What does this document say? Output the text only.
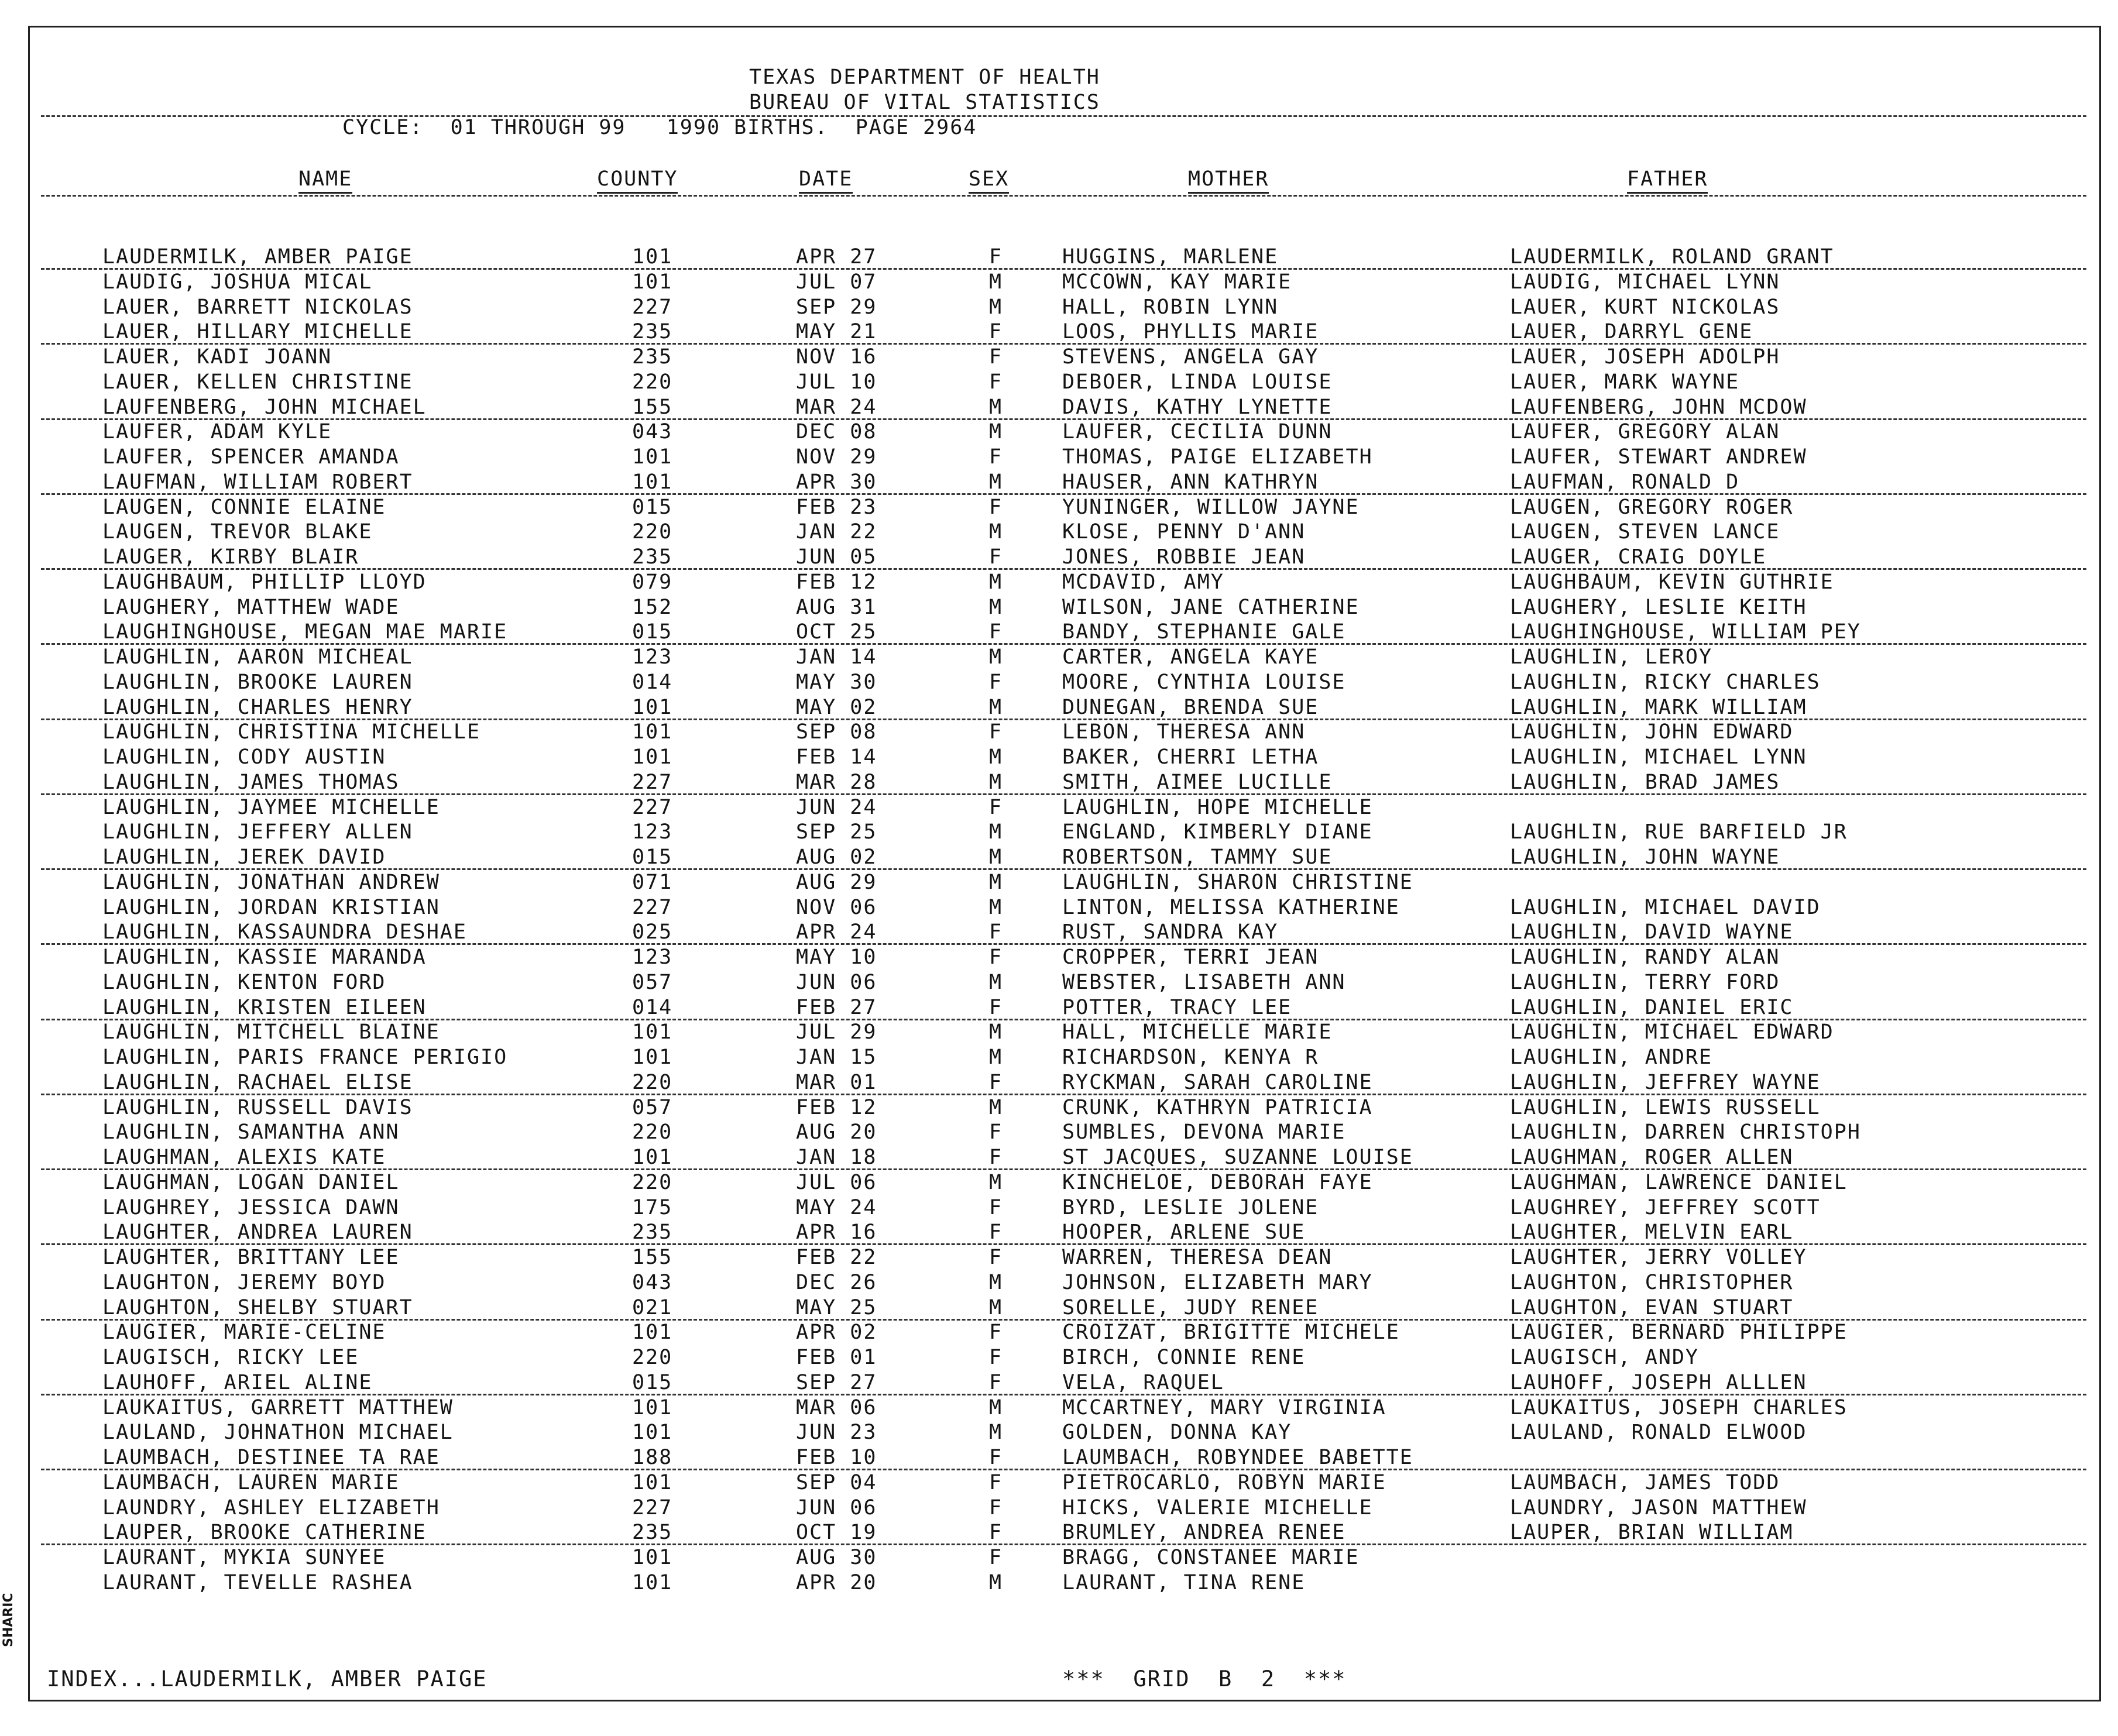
TEXAS DEPARTMENT OF HEALTH
BUREAU OF VITAL STATISTICS
CYCLE:  01 THROUGH 99   1990 BIRTHS.  PAGE 2964
NAME	COUNTY	DATE	SEX	MOTHER	FATHER
LAUDERMILK, AMBER PAIGE	101	APR 27	F	HUGGINS, MARLENE	LAUDERMILK, ROLAND GRANT
LAUDIG, JOSHUA MICAL	101	JUL 07	M	MCCOWN, KAY MARIE	LAUDIG, MICHAEL LYNN
LAUER, BARRETT NICKOLAS	227	SEP 29	M	HALL, ROBIN LYNN	LAUER, KURT NICKOLAS
LAUER, HILLARY MICHELLE	235	MAY 21	F	LOOS, PHYLLIS MARIE	LAUER, DARRYL GENE
LAUER, KADI JOANN	235	NOV 16	F	STEVENS, ANGELA GAY	LAUER, JOSEPH ADOLPH
LAUER, KELLEN CHRISTINE	220	JUL 10	F	DEBOER, LINDA LOUISE	LAUER, MARK WAYNE
LAUFENBERG, JOHN MICHAEL	155	MAR 24	M	DAVIS, KATHY LYNETTE	LAUFENBERG, JOHN MCDOW
LAUFER, ADAM KYLE	043	DEC 08	M	LAUFER, CECILIA DUNN	LAUFER, GREGORY ALAN
LAUFER, SPENCER AMANDA	101	NOV 29	F	THOMAS, PAIGE ELIZABETH	LAUFER, STEWART ANDREW
LAUFMAN, WILLIAM ROBERT	101	APR 30	M	HAUSER, ANN KATHRYN	LAUFMAN, RONALD D
LAUGEN, CONNIE ELAINE	015	FEB 23	F	YUNINGER, WILLOW JAYNE	LAUGEN, GREGORY ROGER
LAUGEN, TREVOR BLAKE	220	JAN 22	M	KLOSE, PENNY D'ANN	LAUGEN, STEVEN LANCE
LAUGER, KIRBY BLAIR	235	JUN 05	F	JONES, ROBBIE JEAN	LAUGER, CRAIG DOYLE
LAUGHBAUM, PHILLIP LLOYD	079	FEB 12	M	MCDAVID, AMY	LAUGHBAUM, KEVIN GUTHRIE
LAUGHERY, MATTHEW WADE	152	AUG 31	M	WILSON, JANE CATHERINE	LAUGHERY, LESLIE KEITH
LAUGHINGHOUSE, MEGAN MAE MARIE	015	OCT 25	F	BANDY, STEPHANIE GALE	LAUGHINGHOUSE, WILLIAM PEY
LAUGHLIN, AARON MICHEAL	123	JAN 14	M	CARTER, ANGELA KAYE	LAUGHLIN, LEROY
LAUGHLIN, BROOKE LAUREN	014	MAY 30	F	MOORE, CYNTHIA LOUISE	LAUGHLIN, RICKY CHARLES
LAUGHLIN, CHARLES HENRY	101	MAY 02	M	DUNEGAN, BRENDA SUE	LAUGHLIN, MARK WILLIAM
LAUGHLIN, CHRISTINA MICHELLE	101	SEP 08	F	LEBON, THERESA ANN	LAUGHLIN, JOHN EDWARD
LAUGHLIN, CODY AUSTIN	101	FEB 14	M	BAKER, CHERRI LETHA	LAUGHLIN, MICHAEL LYNN
LAUGHLIN, JAMES THOMAS	227	MAR 28	M	SMITH, AIMEE LUCILLE	LAUGHLIN, BRAD JAMES
LAUGHLIN, JAYMEE MICHELLE	227	JUN 24	F	LAUGHLIN, HOPE MICHELLE
LAUGHLIN, JEFFERY ALLEN	123	SEP 25	M	ENGLAND, KIMBERLY DIANE	LAUGHLIN, RUE BARFIELD JR
LAUGHLIN, JEREK DAVID	015	AUG 02	M	ROBERTSON, TAMMY SUE	LAUGHLIN, JOHN WAYNE
LAUGHLIN, JONATHAN ANDREW	071	AUG 29	M	LAUGHLIN, SHARON CHRISTINE
LAUGHLIN, JORDAN KRISTIAN	227	NOV 06	M	LINTON, MELISSA KATHERINE	LAUGHLIN, MICHAEL DAVID
LAUGHLIN, KASSAUNDRA DESHAE	025	APR 24	F	RUST, SANDRA KAY	LAUGHLIN, DAVID WAYNE
LAUGHLIN, KASSIE MARANDA	123	MAY 10	F	CROPPER, TERRI JEAN	LAUGHLIN, RANDY ALAN
LAUGHLIN, KENTON FORD	057	JUN 06	M	WEBSTER, LISABETH ANN	LAUGHLIN, TERRY FORD
LAUGHLIN, KRISTEN EILEEN	014	FEB 27	F	POTTER, TRACY LEE	LAUGHLIN, DANIEL ERIC
LAUGHLIN, MITCHELL BLAINE	101	JUL 29	M	HALL, MICHELLE MARIE	LAUGHLIN, MICHAEL EDWARD
LAUGHLIN, PARIS FRANCE PERIGIO	101	JAN 15	M	RICHARDSON, KENYA R	LAUGHLIN, ANDRE
LAUGHLIN, RACHAEL ELISE	220	MAR 01	F	RYCKMAN, SARAH CAROLINE	LAUGHLIN, JEFFREY WAYNE
LAUGHLIN, RUSSELL DAVIS	057	FEB 12	M	CRUNK, KATHRYN PATRICIA	LAUGHLIN, LEWIS RUSSELL
LAUGHLIN, SAMANTHA ANN	220	AUG 20	F	SUMBLES, DEVONA MARIE	LAUGHLIN, DARREN CHRISTOPH
LAUGHMAN, ALEXIS KATE	101	JAN 18	F	ST JACQUES, SUZANNE LOUISE	LAUGHMAN, ROGER ALLEN
LAUGHMAN, LOGAN DANIEL	220	JUL 06	M	KINCHELOE, DEBORAH FAYE	LAUGHMAN, LAWRENCE DANIEL
LAUGHREY, JESSICA DAWN	175	MAY 24	F	BYRD, LESLIE JOLENE	LAUGHREY, JEFFREY SCOTT
LAUGHTER, ANDREA LAUREN	235	APR 16	F	HOOPER, ARLENE SUE	LAUGHTER, MELVIN EARL
LAUGHTER, BRITTANY LEE	155	FEB 22	F	WARREN, THERESA DEAN	LAUGHTER, JERRY VOLLEY
LAUGHTON, JEREMY BOYD	043	DEC 26	M	JOHNSON, ELIZABETH MARY	LAUGHTON, CHRISTOPHER
LAUGHTON, SHELBY STUART	021	MAY 25	M	SORELLE, JUDY RENEE	LAUGHTON, EVAN STUART
LAUGIER, MARIE-CELINE	101	APR 02	F	CROIZAT, BRIGITTE MICHELE	LAUGIER, BERNARD PHILIPPE
LAUGISCH, RICKY LEE	220	FEB 01	F	BIRCH, CONNIE RENE	LAUGISCH, ANDY
LAUHOFF, ARIEL ALINE	015	SEP 27	F	VELA, RAQUEL	LAUHOFF, JOSEPH ALLLEN
LAUKAITUS, GARRETT MATTHEW	101	MAR 06	M	MCCARTNEY, MARY VIRGINIA	LAUKAITUS, JOSEPH CHARLES
LAULAND, JOHNATHON MICHAEL	101	JUN 23	M	GOLDEN, DONNA KAY	LAULAND, RONALD ELWOOD
LAUMBACH, DESTINEE TA RAE	188	FEB 10	F	LAUMBACH, ROBYNDEE BABETTE
LAUMBACH, LAUREN MARIE	101	SEP 04	F	PIETROCARLO, ROBYN MARIE	LAUMBACH, JAMES TODD
LAUNDRY, ASHLEY ELIZABETH	227	JUN 06	F	HICKS, VALERIE MICHELLE	LAUNDRY, JASON MATTHEW
LAUPER, BROOKE CATHERINE	235	OCT 19	F	BRUMLEY, ANDREA RENEE	LAUPER, BRIAN WILLIAM
LAURANT, MYKIA SUNYEE	101	AUG 30	F	BRAGG, CONSTANEE MARIE
LAURANT, TEVELLE RASHEA	101	APR 20	M	LAURANT, TINA RENE
INDEX...LAUDERMILK, AMBER PAIGE	***  GRID  B  2  ***
SHARIC
